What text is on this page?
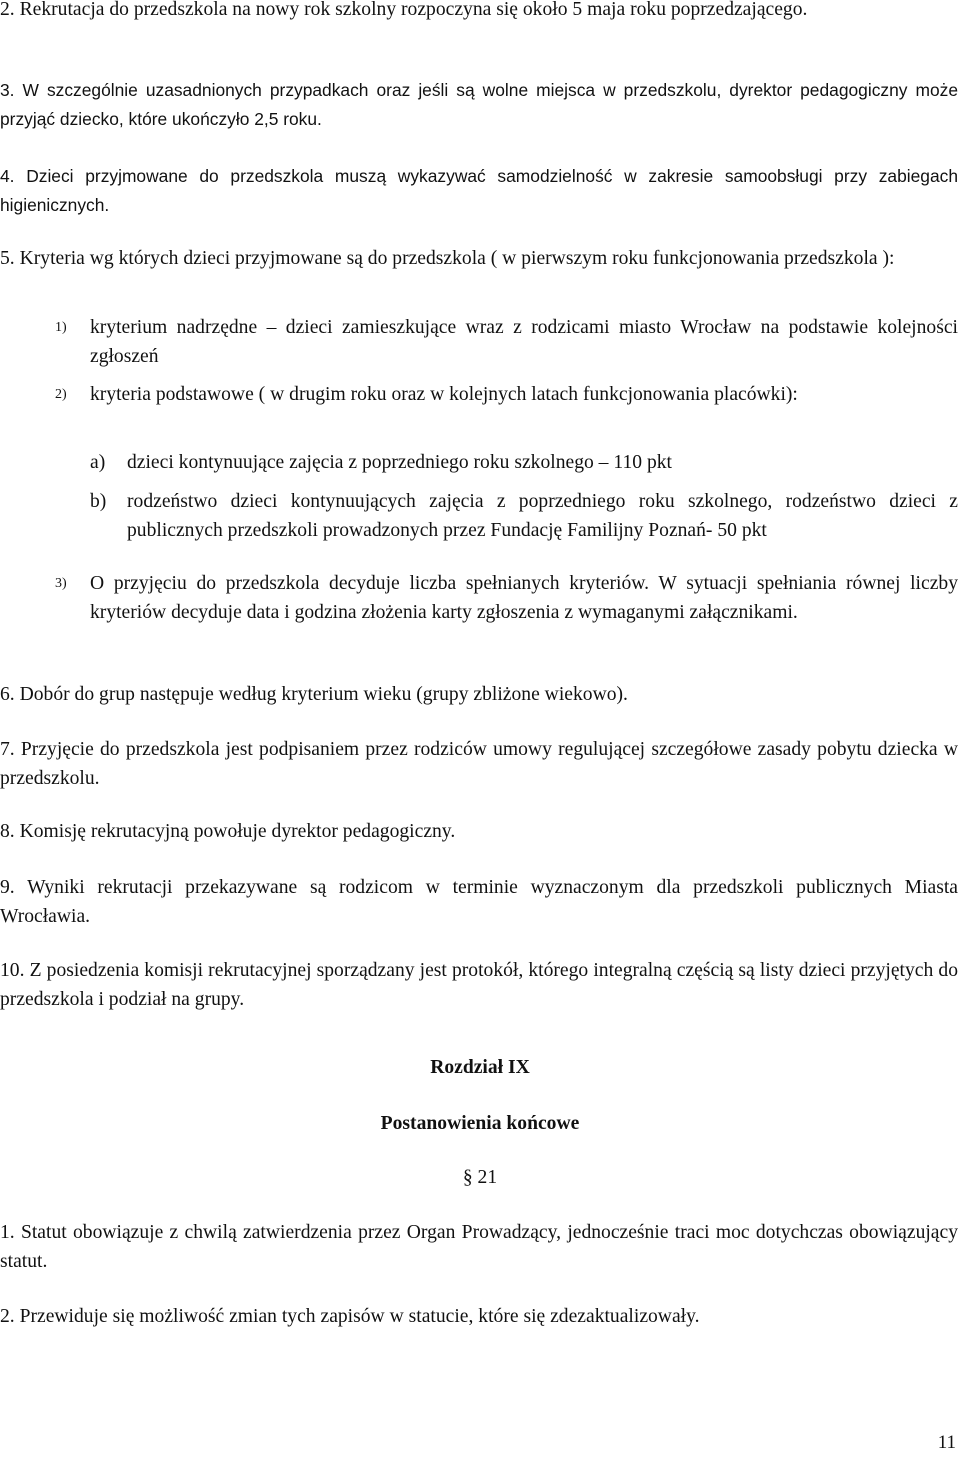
2. Rekrutacja do przedszkola na nowy rok szkolny rozpoczyna się około 5 maja roku poprzedzającego.

3. W szczególnie uzasadnionych przypadkach oraz jeśli są wolne miejsca w przedszkolu, dyrektor pedagogiczny może przyjąć dziecko, które ukończyło 2,5 roku.

4. Dzieci przyjmowane do przedszkola muszą wykazywać samodzielność w zakresie samoobsługi przy zabiegach higienicznych.

5. Kryteria wg których dzieci przyjmowane są do przedszkola ( w pierwszym roku funkcjonowania przedszkola ):

1) kryterium nadrzędne – dzieci zamieszkujące wraz z rodzicami miasto Wrocław na podstawie kolejności zgłoszeń
2) kryteria podstawowe ( w drugim roku oraz w kolejnych latach funkcjonowania placówki):
a) dzieci kontynuujące zajęcia z poprzedniego roku szkolnego – 110 pkt
b) rodzeństwo dzieci kontynuujących zajęcia z poprzedniego roku szkolnego, rodzeństwo dzieci z publicznych przedszkoli prowadzonych przez Fundację Familijny Poznań- 50 pkt
3) O przyjęciu do przedszkola decyduje liczba spełnianych kryteriów. W sytuacji spełniania równej liczby kryteriów decyduje data i godzina złożenia karty zgłoszenia z wymaganymi załącznikami.

6. Dobór do grup następuje według kryterium wieku (grupy zbliżone wiekowo).

7. Przyjęcie do przedszkola jest podpisaniem przez rodziców umowy regulującej szczegółowe zasady pobytu dziecka w przedszkolu.

8. Komisję rekrutacyjną powołuje dyrektor pedagogiczny.

9. Wyniki rekrutacji przekazywane są rodzicom w terminie wyznaczonym dla przedszkoli publicznych Miasta Wrocławia.

10. Z posiedzenia komisji rekrutacyjnej sporządzany jest protokół, którego integralną częścią są listy dzieci przyjętych do przedszkola i podział na grupy.

Rozdział IX
Postanowienia końcowe
§ 21

1. Statut obowiązuje z chwilą zatwierdzenia przez Organ Prowadzący, jednocześnie traci moc dotychczas obowiązujący statut.

2. Przewiduje się możliwość zmian tych zapisów w statucie, które się zdezaktualizowały.

11
